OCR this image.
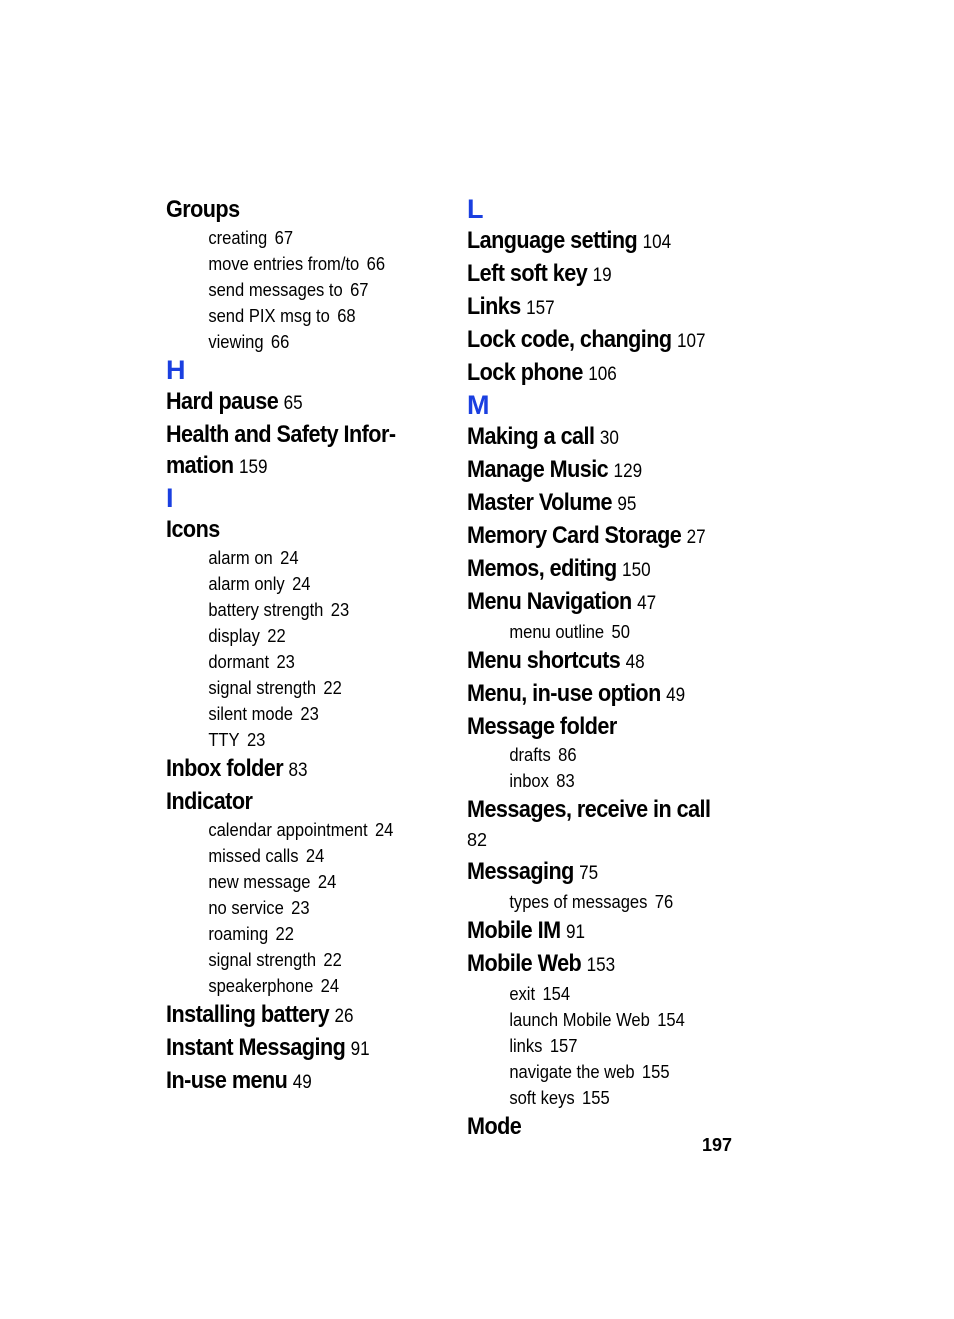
Groups
creating 67
move entries from/to 66
send messages to 67
send PIX msg to 68
viewing 66
H
Hard pause 65
Health and Safety Infor-
mation 159
I
Icons
alarm on 24
alarm only 24
battery strength 23
display 22
dormant 23
signal strength 22
silent mode 23
TTY 23
Inbox folder 83
Indicator
calendar appointment 24
missed calls 24
new message 24
no service 23
roaming 22
signal strength 22
speakerphone 24
Installing battery 26
Instant Messaging 91
In-use menu 49
L
Language setting 104
Left soft key 19
Links 157
Lock code, changing 107
Lock phone 106
M
Making a call 30
Manage Music 129
Master Volume 95
Memory Card Storage 27
Memos, editing 150
Menu Navigation 47
menu outline 50
Menu shortcuts 48
Menu, in-use option 49
Message folder
drafts 86
inbox 83
Messages, receive in call
82
Messaging 75
types of messages 76
Mobile IM 91
Mobile Web 153
exit 154
launch Mobile Web 154
links 157
navigate the web 155
soft keys 155
Mode
197
